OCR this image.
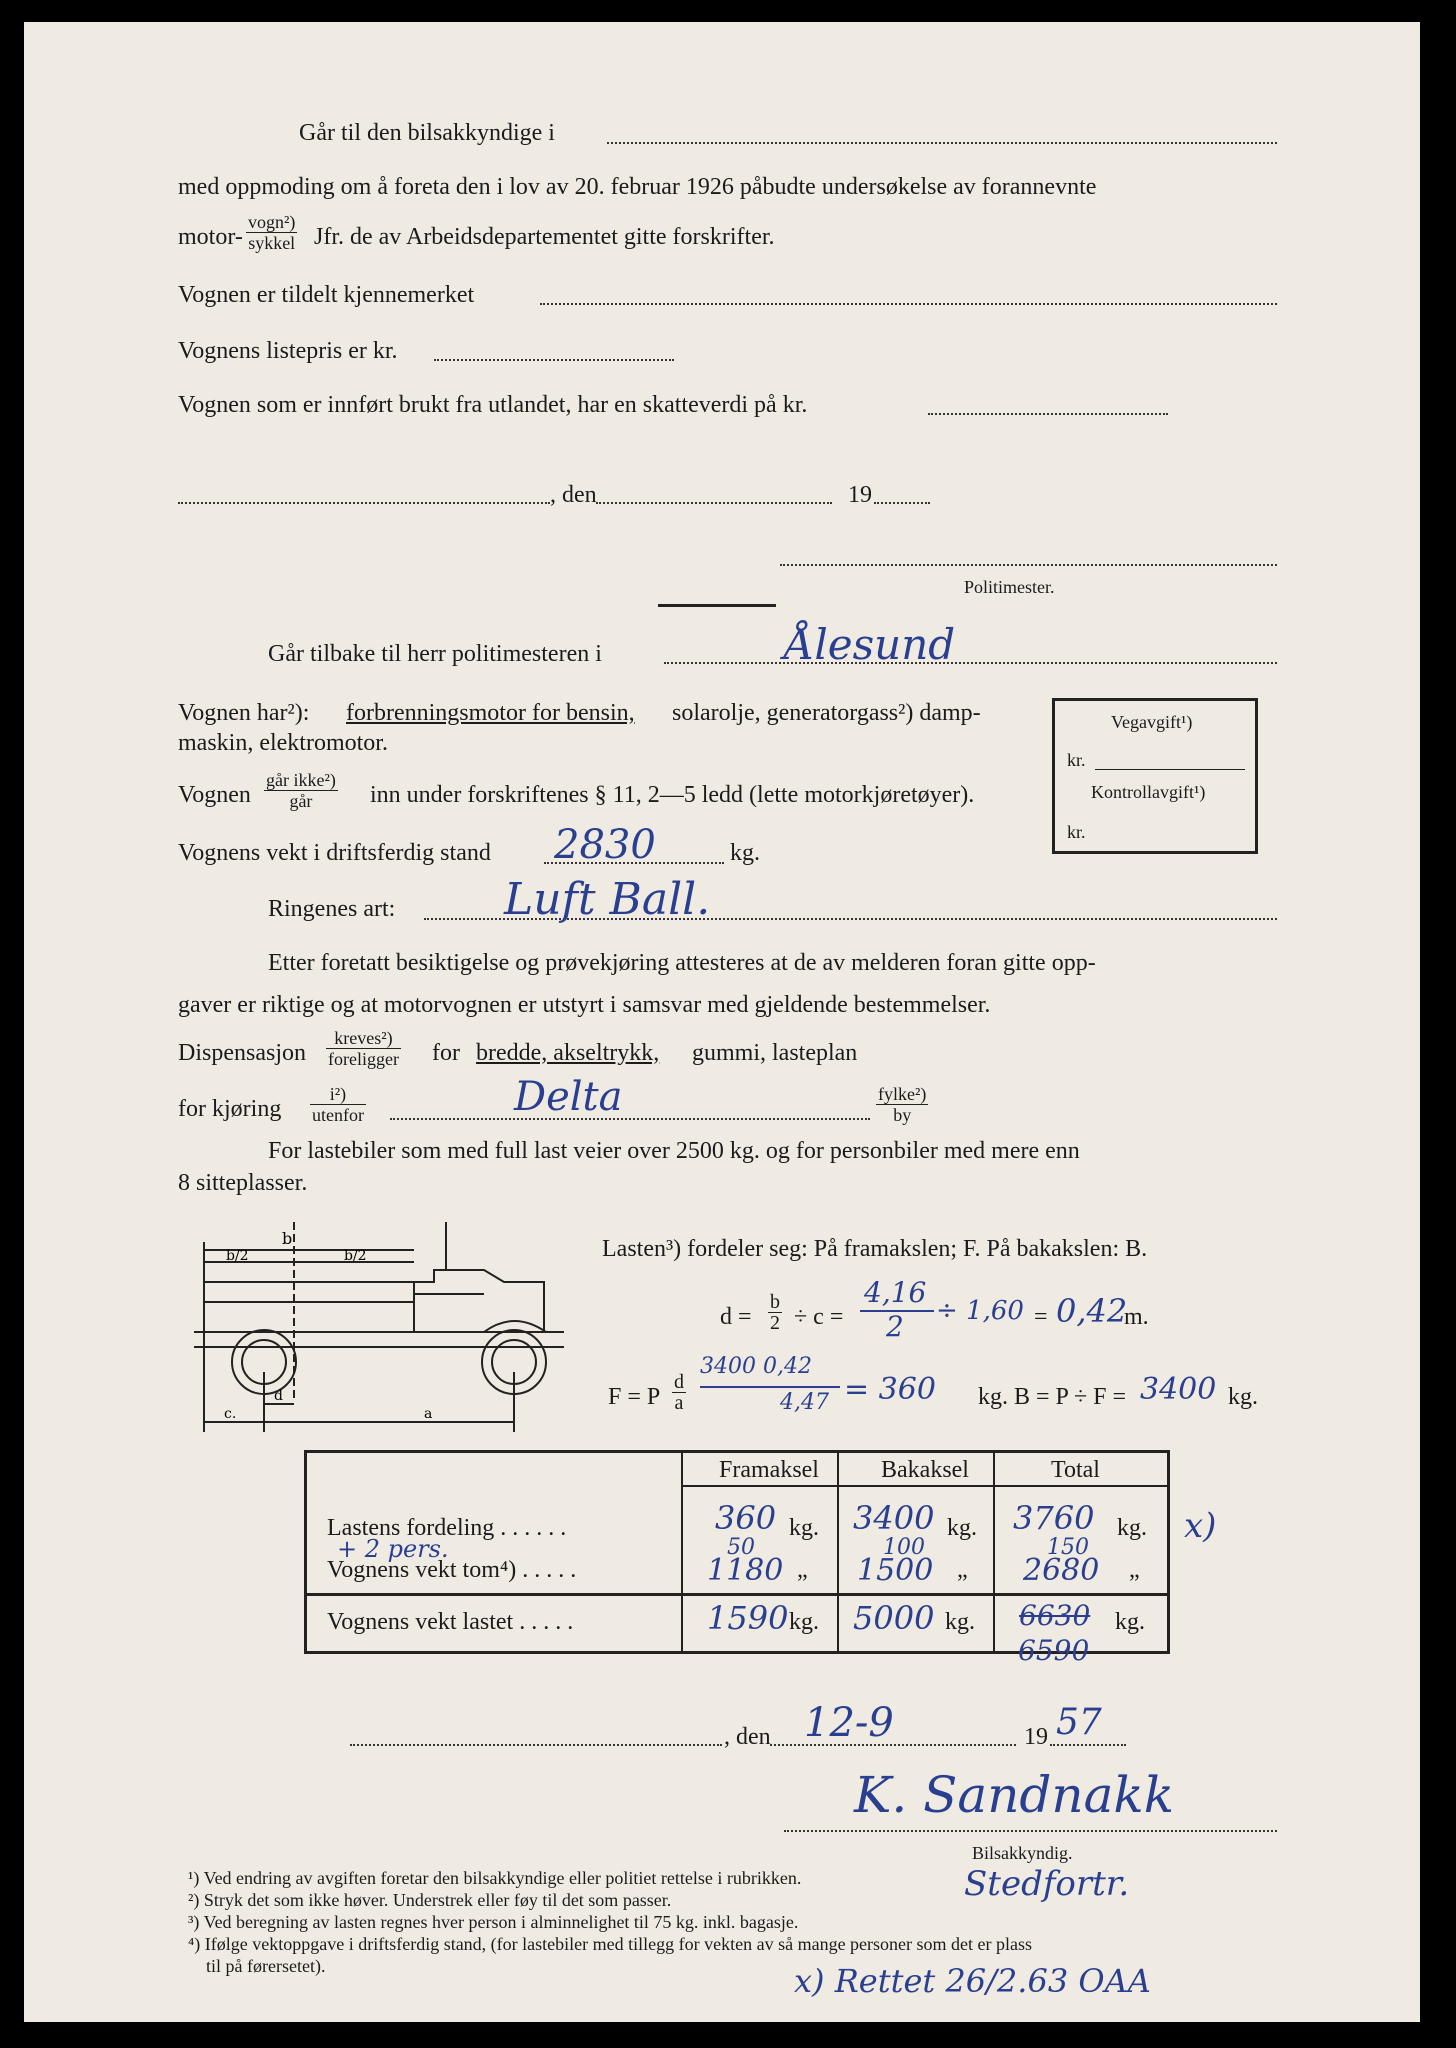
Går til den bilsakkyndige i
med oppmoding om å foreta den i lov av 20. februar 1926 påbudte undersøkelse av forannevnte
motor-
vogn²)
sykkel Jfr. de av Arbeidsdepartementet gitte forskrifter.
Vognen er tildelt kjennemerket
Vognens listepris er kr.
Vognen som er innført brukt fra utlandet, har en skatteverdi på kr.
, den	19
Politimester.
Går tilbake til herr politimesteren i	Ålesund
Vognen har²): forbrenningsmotor for bensin, solarolje, generatorgass²) damp-
maskin, elektromotor.
Vegavgift¹)
kr.
Kontrollavgift¹)
kr.
Vognen
går ikke²)
går	inn under forskriftenes § 11, 2—5 ledd (lette motorkjøretøyer).
Vognens vekt i driftsferdig stand 2830	kg.
Ringenes art: Luft Ball.
Etter foretatt besiktigelse og prøvekjøring attesteres at de av melderen foran gitte opp-
gaver er riktige og at motorvognen er utstyrt i samsvar med gjeldende bestemmelser.
Dispensasjon
kreves²)
foreligger for bredde, akseltrykk, gummi, lasteplan
for kjøring
i²)
utenfor	Delta	fylke²)
by
For lastebiler som med full last veier over 2500 kg. og for personbiler med mere enn
8 sitteplasser.
b
b/2	b/2
c.
d
a
Lasten³) fordeler seg: På framakslen; F. På bakakslen: B.
$d = \frac{b}{2} \div c$ =
4,16
2 ÷ 1,60 = 0,42
m.
F = P $\frac{d}{a}$
3400 0,42
4,47 = 360 kg. B = P ÷ F = 3400 kg.
Framaksel	Bakaksel	Total
Lastens fordeling . . . . . .	360 kg. 3400 kg. 3760 kg.
+ 2 pers.	50	100	150
Vognens vekt tom⁴) . . . . .	1180 „ 1500 „ 2680 „
Vognens vekt lastet . . . . .	1590 kg. 5000 kg. 6630 kg.
6590
x)
, den 12-9	19 57
K. Sandnakk
Bilsakkyndig.
Stedfortr.
¹) Ved endring av avgiften foretar den bilsakkyndige eller politiet rettelse i rubrikken.
²) Stryk det som ikke høver. Understrek eller føy til det som passer.
³) Ved beregning av lasten regnes hver person i alminnelighet til 75 kg. inkl. bagasje.
⁴) Ifølge vektoppgave i driftsferdig stand, (for lastebiler med tillegg for vekten av så mange personer som det er plass
til på førersetet).	x) Rettet 26/2.63 OAA
